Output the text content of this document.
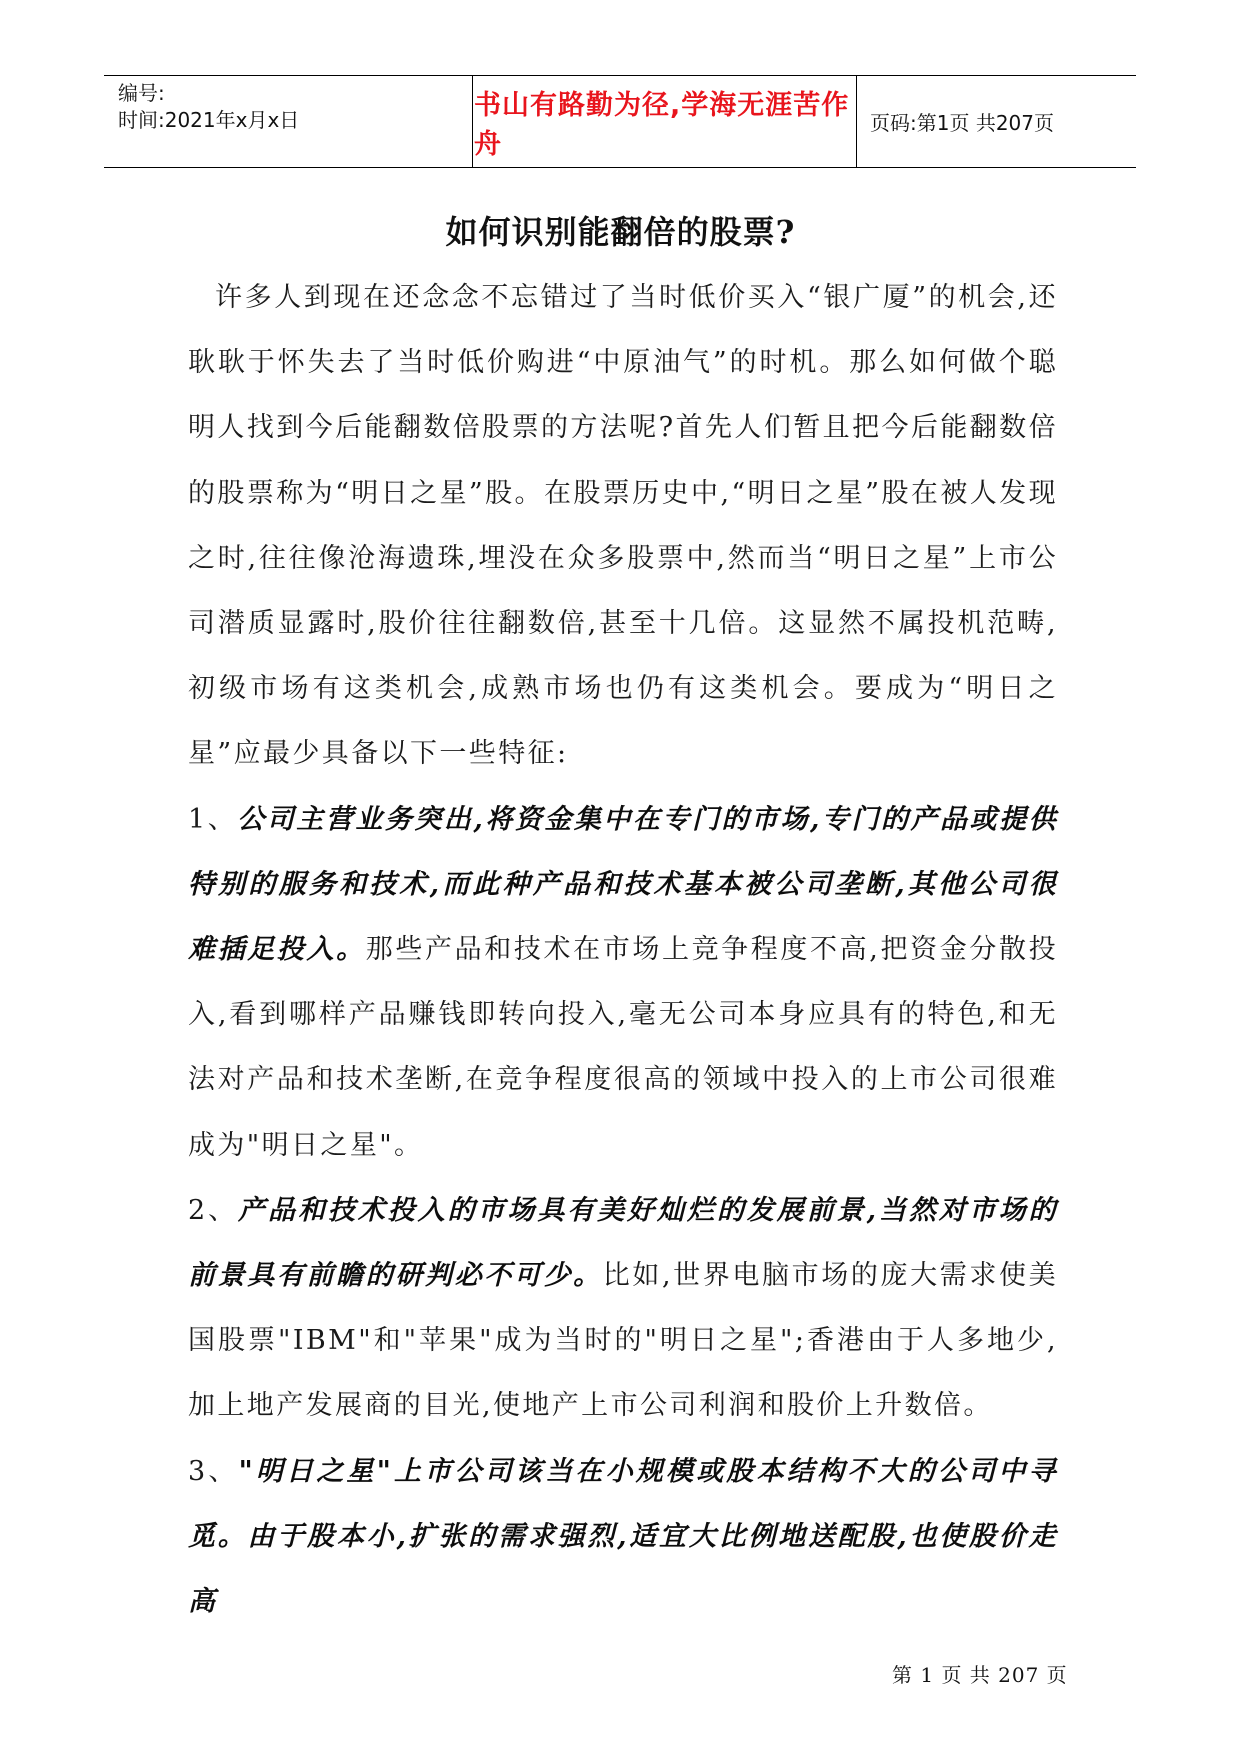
编号:
时间:2021年x月x日	书山有路勤为径,学海无涯苦作舟
页码:第1页 共207页
如何识别能翻倍的股票?

许多人到现在还念念不忘错过了当时低价买入“银广厦”的机会,还耿耿于怀失去了当时低价购进“中原油气”的时机。那么如何做个聪明人找到今后能翻数倍股票的方法呢?首先人们暂且把今后能翻数倍的股票称为“明日之星”股。在股票历史中,“明日之星”股在被人发现之时,往往像沧海遗珠,埋没在众多股票中,然而当“明日之星”上市公司潜质显露时,股价往往翻数倍,甚至十几倍。这显然不属投机范畴,初级市场有这类机会,成熟市场也仍有这类机会。要成为“明日之星”应最少具备以下一些特征:

1、公司主营业务突出,将资金集中在专门的市场,专门的产品或提供特别的服务和技术,而此种产品和技术基本被公司垄断,其他公司很难插足投入。那些产品和技术在市场上竞争程度不高,把资金分散投入,看到哪样产品赚钱即转向投入,毫无公司本身应具有的特色,和无法对产品和技术垄断,在竞争程度很高的领域中投入的上市公司很难成为"明日之星"。

2、产品和技术投入的市场具有美好灿烂的发展前景,当然对市场的前景具有前瞻的研判必不可少。比如,世界电脑市场的庞大需求使美国股票"IBM"和"苹果"成为当时的"明日之星";香港由于人多地少,加上地产发展商的目光,使地产上市公司利润和股价上升数倍。

3、"明日之星"上市公司该当在小规模或股本结构不大的公司中寻觅。由于股本小,扩张的需求强烈,适宜大比例地送配股,也使股价走高

第 1 页 共 207 页
